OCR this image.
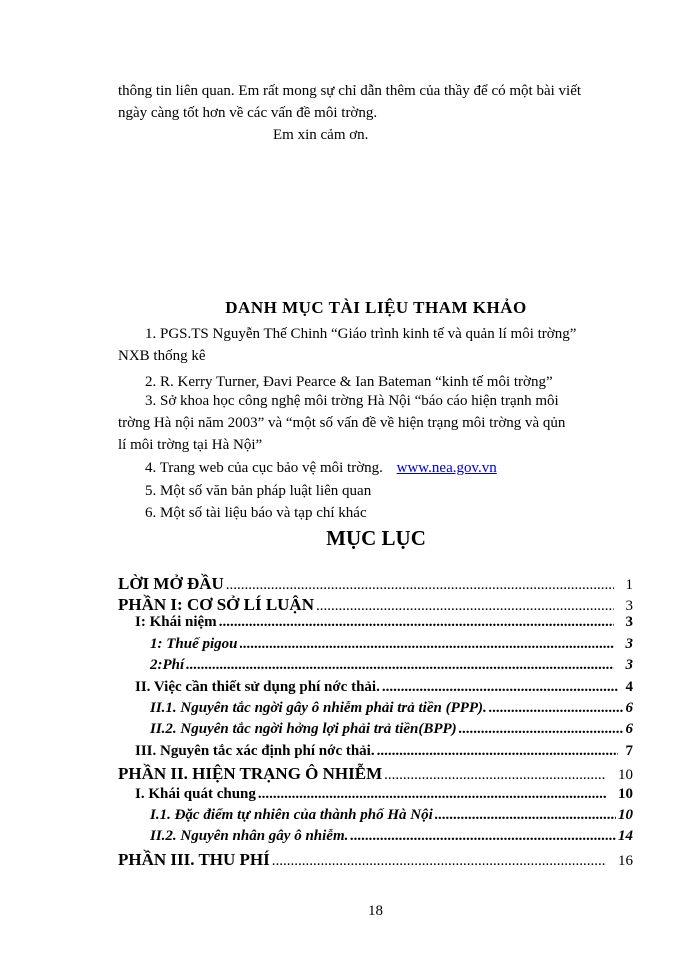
thông tin liên quan. Em rất mong sự chỉ dẫn thêm của thầy để có một bài viết
ngày càng tốt hơn về các vấn đề môi trờng.
Em xin cảm ơn.
DANH MỤC TÀI LIỆU THAM KHẢO
1. PGS.TS Nguyễn Thế Chinh “Giáo trình kinh tế và quản lí môi trờng”
NXB thống kê
2. R. Kerry Turner, Đavi Pearce & Ian Bateman “kinh tế môi trờng”
3. Sở khoa học công nghệ môi trờng Hà Nội “báo cáo hiện trạnh môi
trờng Hà nội năm 2003” và “một số vấn đề về hiện trạng môi trờng và qủn
lí môi trờng tại Hà Nội”
4. Trang web của cục bảo vệ môi trờng. www.nea.gov.vn
5. Một số văn bản pháp luật liên quan
6. Một số tài liệu báo và tạp chí khác
MỤC LỤC
LỜI MỞ ĐẦU .....	1
PHẦN I: CƠ SỞ LÍ LUẬN .....	3
I: Khái niệm .....	3
1: Thuế pigou .....	3
2:Phí .....	3
II. Việc cần thiết sử dụng phí nớc thải. .....	4
II.1. Nguyên tắc ngời gây ô nhiễm phải trả tiền (PPP). .....	6
II.2. Nguyên tắc ngời hởng lợi phải trả tiền(BPP) .....	6
III. Nguyên tắc xác định phí nớc thải. .....	7
PHẦN II. HIỆN TRẠNG Ô NHIỄM .....	10
I. Khái quát chung .....	10
I.1. Đặc điểm tự nhiên của thành phố Hà Nội .....	10
II.2. Nguyên nhân gây ô nhiễm. .....	14
PHẦN III. THU PHÍ .....	16
18
